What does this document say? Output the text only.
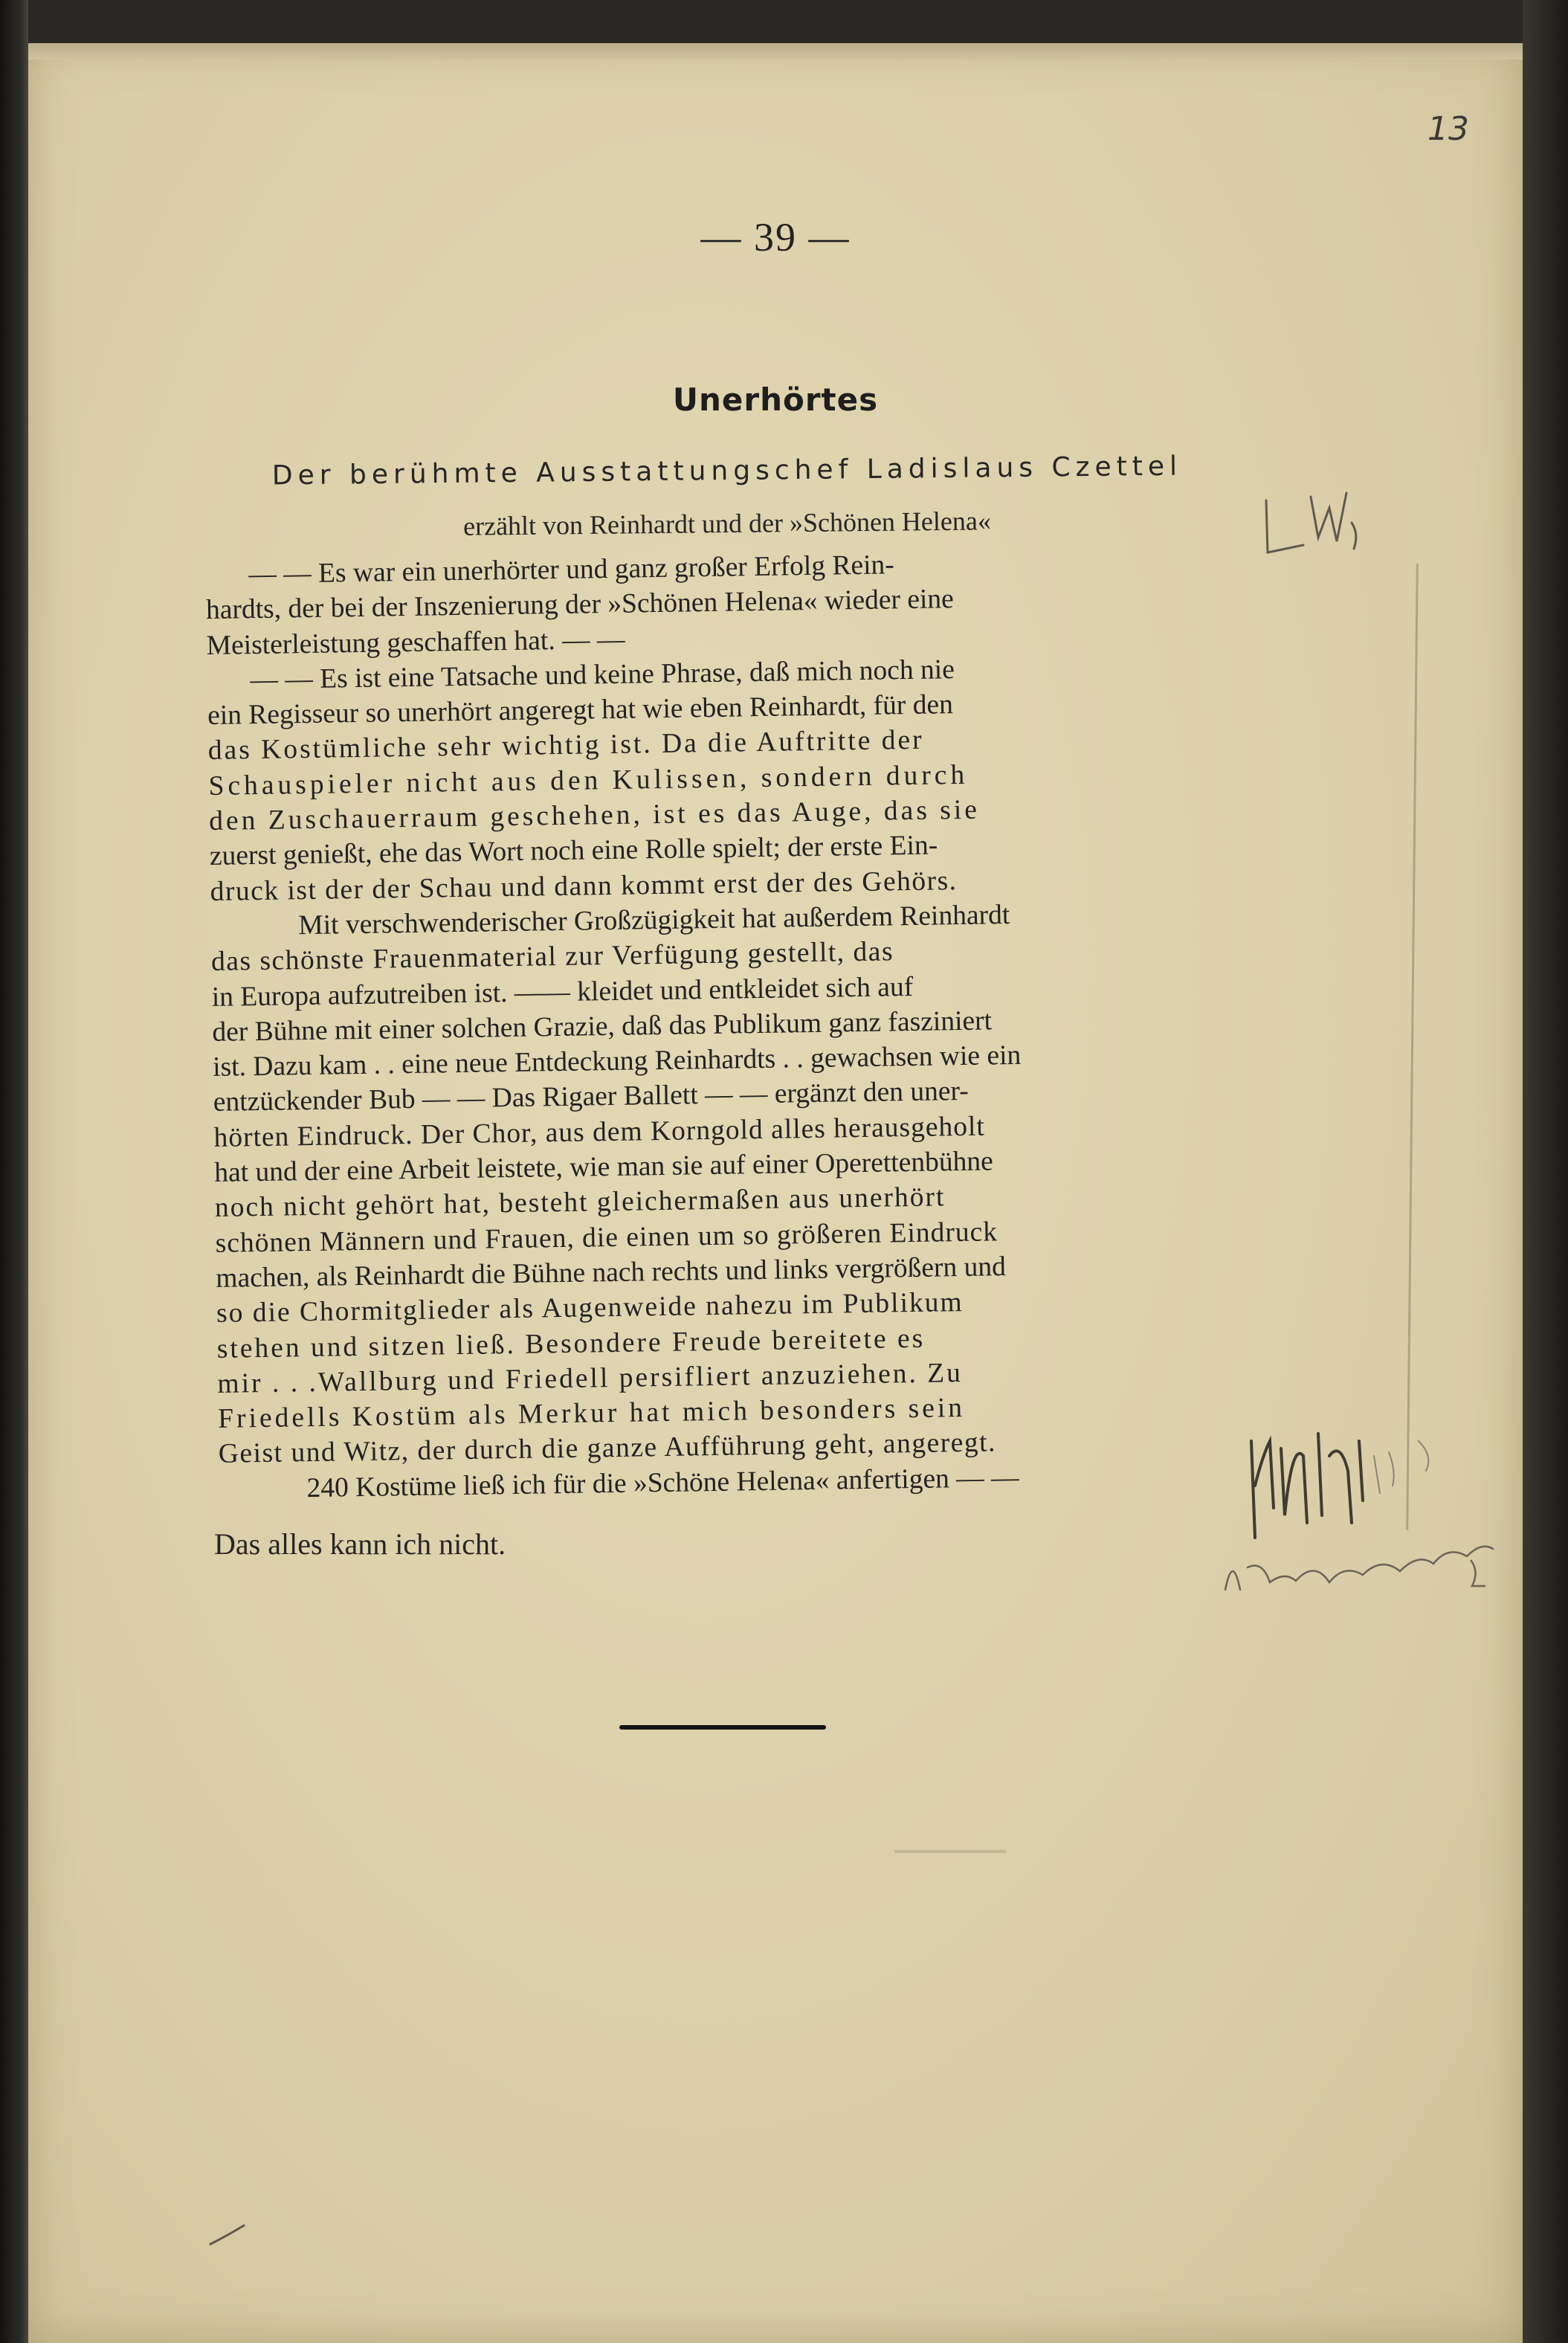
13
— 39 —
Unerhörtes
Der berühmte Ausstattungschef Ladislaus Czettel
erzählt von Reinhardt und der »Schönen Helena«
— — Es war ein unerhörter und ganz großer Erfolg Rein-
hardts, der bei der Inszenierung der »Schönen Helena« wieder eine
Meisterleistung geschaffen hat. — —
— — Es ist eine Tatsache und keine Phrase, daß mich noch nie
ein Regisseur so unerhört angeregt hat wie eben Reinhardt, für den
das Kostümliche sehr wichtig ist. Da die Auftritte der
Schauspieler nicht aus den Kulissen, sondern durch
den Zuschauerraum geschehen, ist es das Auge, das sie
zuerst genießt, ehe das Wort noch eine Rolle spielt; der erste Ein-
druck ist der der Schau und dann kommt erst der des Gehörs.
Mit verschwenderischer Großzügigkeit hat außerdem Reinhardt
das schönste Frauenmaterial zur Verfügung gestellt, das
in Europa aufzutreiben ist. —— kleidet und entkleidet sich auf
der Bühne mit einer solchen Grazie, daß das Publikum ganz fasziniert
ist. Dazu kam . . eine neue Entdeckung Reinhardts . . gewachsen wie ein
entzückender Bub — — Das Rigaer Ballett — — ergänzt den uner-
hörten Eindruck. Der Chor, aus dem Korngold alles herausgeholt
hat und der eine Arbeit leistete, wie man sie auf einer Operettenbühne
noch nicht gehört hat, besteht gleichermaßen aus unerhört
schönen Männern und Frauen, die einen um so größeren Eindruck
machen, als Reinhardt die Bühne nach rechts und links vergrößern und
so die Chormitglieder als Augenweide nahezu im Publikum
stehen und sitzen ließ. Besondere Freude bereitete es
mir . . .Wallburg und Friedell persifliert anzuziehen. Zu
Friedells Kostüm als Merkur hat mich besonders sein
Geist und Witz, der durch die ganze Aufführung geht, angeregt.
240 Kostüme ließ ich für die »Schöne Helena« anfertigen — —
Das alles kann ich nicht.
